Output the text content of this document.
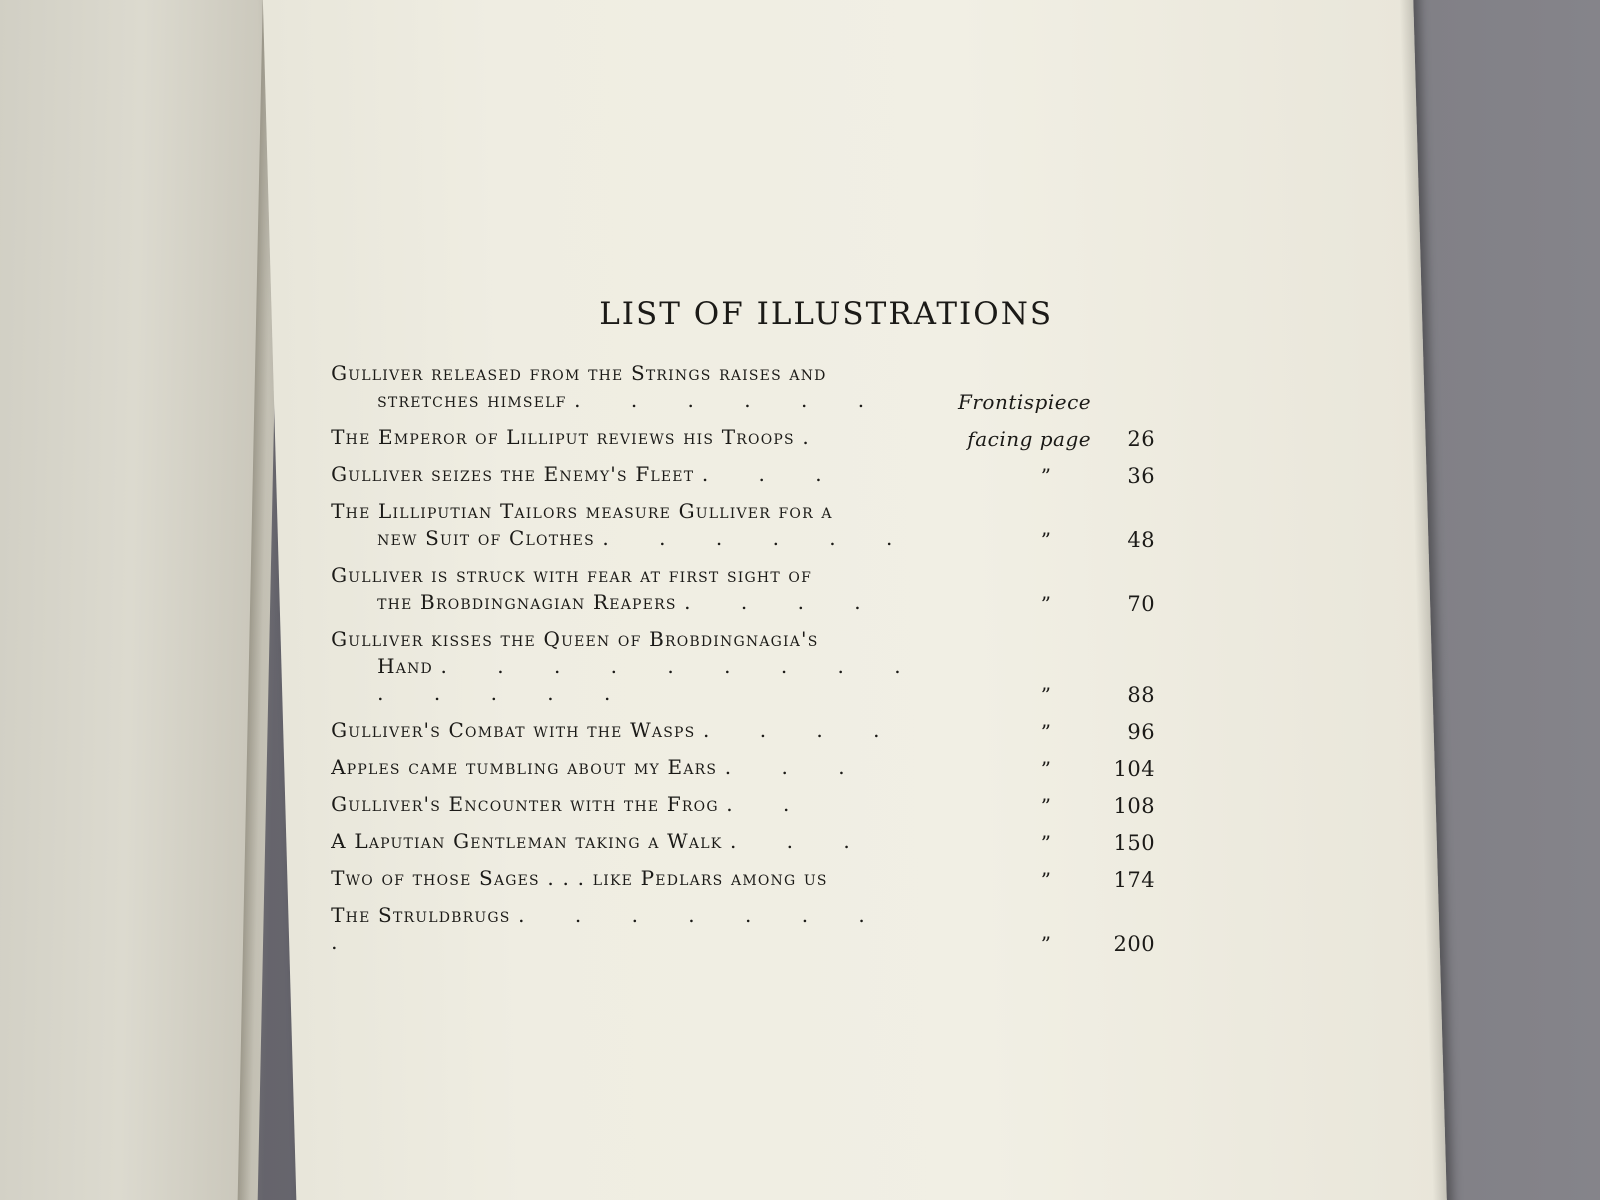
LIST OF ILLUSTRATIONS
Gulliver released from the Strings raises and
stretches himself . . . . . .	Frontispiece
The Emperor of Lilliput reviews his Troops .	facing page	26
Gulliver seizes the Enemy's Fleet . . .	”	36
The Lilliputian Tailors measure Gulliver for a
new Suit of Clothes . . . . . .	”	48
Gulliver is struck with fear at first sight of
the Brobdingnagian Reapers . . . .	”	70
Gulliver kisses the Queen of Brobdingnagia's
Hand . . . . . . . . . . . . . .	”	88
Gulliver's Combat with the Wasps . . . .	”	96
Apples came tumbling about my Ears . . .	”	104
Gulliver's Encounter with the Frog . .	”	108
A Laputian Gentleman taking a Walk . . .	”	150
Two of those Sages . . . like Pedlars among us	”	174
The Struldbrugs . . . . . . . .	”	200
